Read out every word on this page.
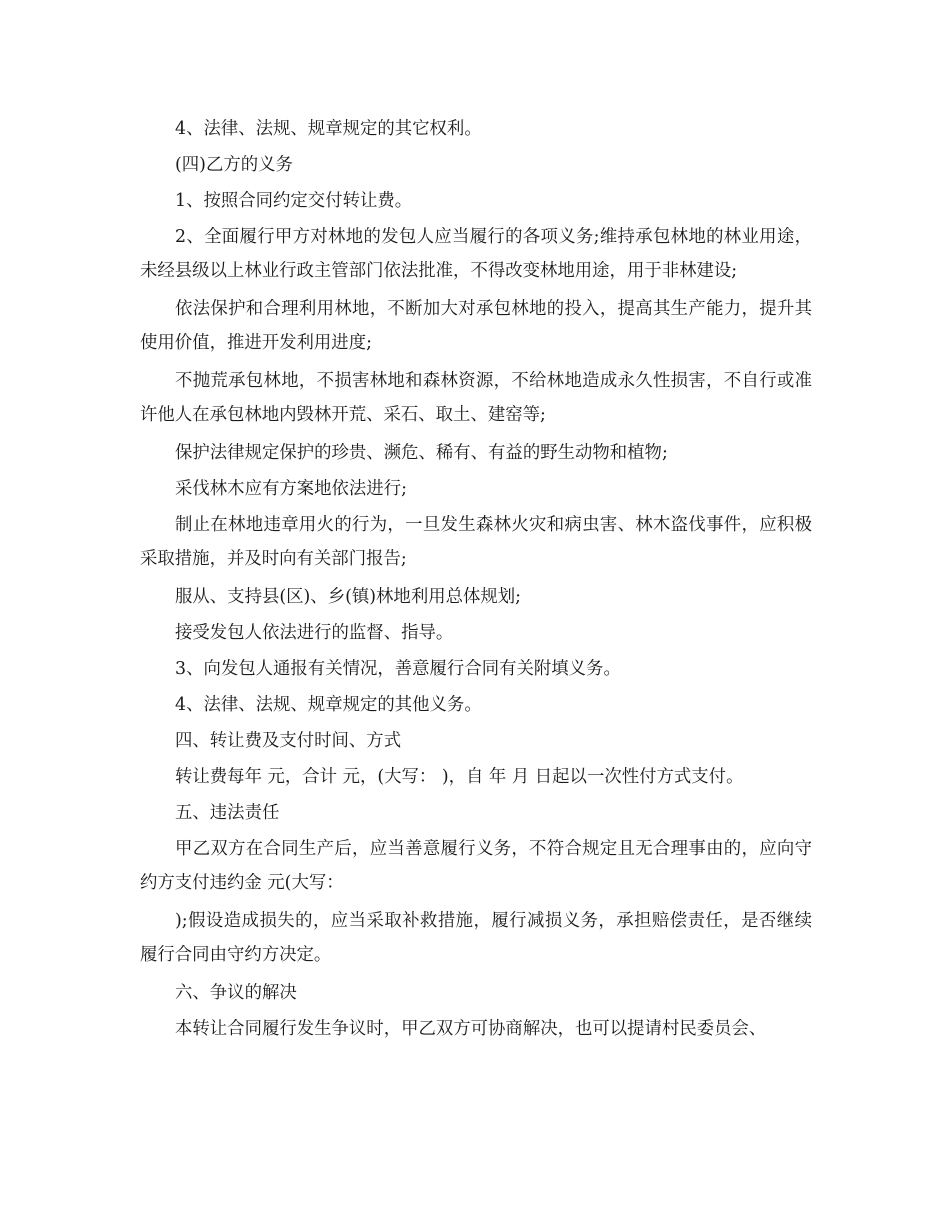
4、法律、法规、规章规定的其它权利。

(四)乙方的义务

1、按照合同约定交付转让费。

2、全面履行甲方对林地的发包人应当履行的各项义务;维持承包林地的林业用途，未经县级以上林业行政主管部门依法批准，不得改变林地用途，用于非林建设;

依法保护和合理利用林地，不断加大对承包林地的投入，提高其生产能力，提升其使用价值，推进开发利用进度;

不抛荒承包林地，不损害林地和森林资源，不给林地造成永久性损害，不自行或准许他人在承包林地内毁林开荒、采石、取土、建窑等;

保护法律规定保护的珍贵、濒危、稀有、有益的野生动物和植物;

采伐林木应有方案地依法进行;

制止在林地违章用火的行为，一旦发生森林火灾和病虫害、林木盗伐事件，应积极采取措施，并及时向有关部门报告;

服从、支持县(区)、乡(镇)林地利用总体规划;

接受发包人依法进行的监督、指导。

3、向发包人通报有关情况，善意履行合同有关附填义务。

4、法律、法规、规章规定的其他义务。

四、转让费及支付时间、方式

转让费每年 元，合计 元，(大写： )，自 年 月 日起以一次性付方式支付。

五、违法责任

甲乙双方在合同生产后，应当善意履行义务，不符合规定且无合理事由的，应向守约方支付违约金 元(大写：

);假设造成损失的，应当采取补救措施，履行减损义务，承担赔偿责任，是否继续履行合同由守约方决定。

六、争议的解决

本转让合同履行发生争议时，甲乙双方可协商解决，也可以提请村民委员会、
